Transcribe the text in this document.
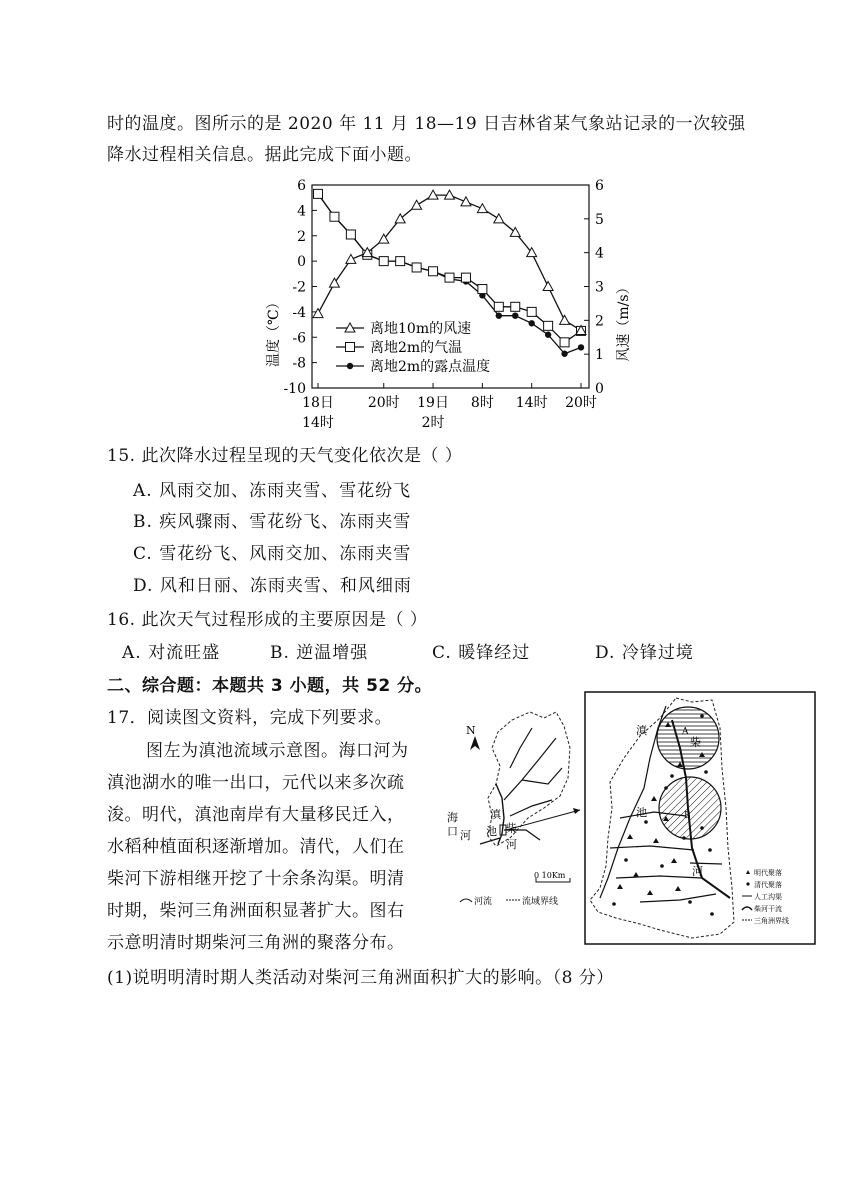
时的温度。图所示的是 2020 年 11 月 18—19 日吉林省某气象站记录的一次较强
降水过程相关信息。据此完成下面小题。
6
4
2
0
-2
-4
-6
-8
-10
6
5
4
3
2
1
0
温度（℃）	风速（m/s）
18日
14时
20时 19日
2时
8时 14时 20时
离地10m的风速
离地2m的气温
离地2m的露点温度
15. 此次降水过程呈现的天气变化依次是（ ）
A. 风雨交加、冻雨夹雪、雪花纷飞
B. 疾风骤雨、雪花纷飞、冻雨夹雪
C. 雪花纷飞、风雨交加、冻雨夹雪
D. 风和日丽、冻雨夹雪、和风细雨
16. 此次天气过程形成的主要原因是（ ）
A. 对流旺盛	B. 逆温增强	C. 暖锋经过	D. 冷锋过境
二、综合题：本题共 3 小题，共 52 分。
17．阅读图文资料，完成下列要求。
图左为滇池流域示意图。海口河为
滇池湖水的唯一出口，元代以来多次疏
浚。明代，滇池南岸有大量移民迁入，
水稻种植面积逐渐增加。清代，人们在
柴河下游相继开挖了十余条沟渠。明清
时期，柴河三角洲面积显著扩大。图右
示意明清时期柴河三角洲的聚落分布。
(1)说明明清时期人类活动对柴河三角洲面积扩大的影响。（8 分）
N
海
口 河
滇
池 柴
河
0 10Km
河流	流域界线
滇
池
河
柴
A
B
明代聚落
清代聚落
人工沟渠
柴河干流
三角洲界线
